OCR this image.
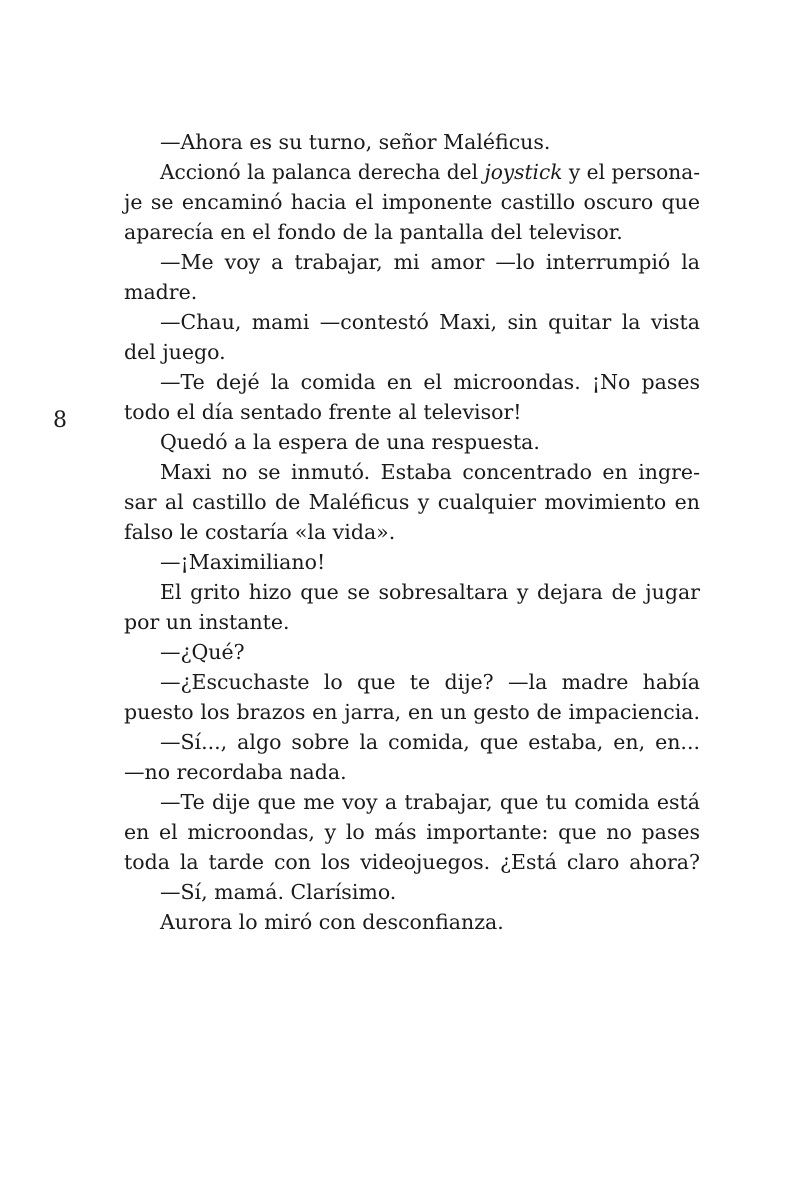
8
—Ahora es su turno, señor Maléficus.
Accionó la palanca derecha del joystick y el persona-
je se encaminó hacia el imponente castillo oscuro que
aparecía en el fondo de la pantalla del televisor.
—Me voy a trabajar, mi amor —lo interrumpió la
madre.
—Chau, mami —contestó Maxi, sin quitar la vista
del juego.
—Te dejé la comida en el microondas. ¡No pases
todo el día sentado frente al televisor!
Quedó a la espera de una respuesta.
Maxi no se inmutó. Estaba concentrado en ingre-
sar al castillo de Maléficus y cualquier movimiento en
falso le costaría «la vida».
—¡Maximiliano!
El grito hizo que se sobresaltara y dejara de jugar
por un instante.
—¿Qué?
—¿Escuchaste lo que te dije? —la madre había
puesto los brazos en jarra, en un gesto de impaciencia.
—Sí..., algo sobre la comida, que estaba, en, en...
—no recordaba nada.
—Te dije que me voy a trabajar, que tu comida está
en el microondas, y lo más importante: que no pases
toda la tarde con los videojuegos. ¿Está claro ahora?
—Sí, mamá. Clarísimo.
Aurora lo miró con desconfianza.
